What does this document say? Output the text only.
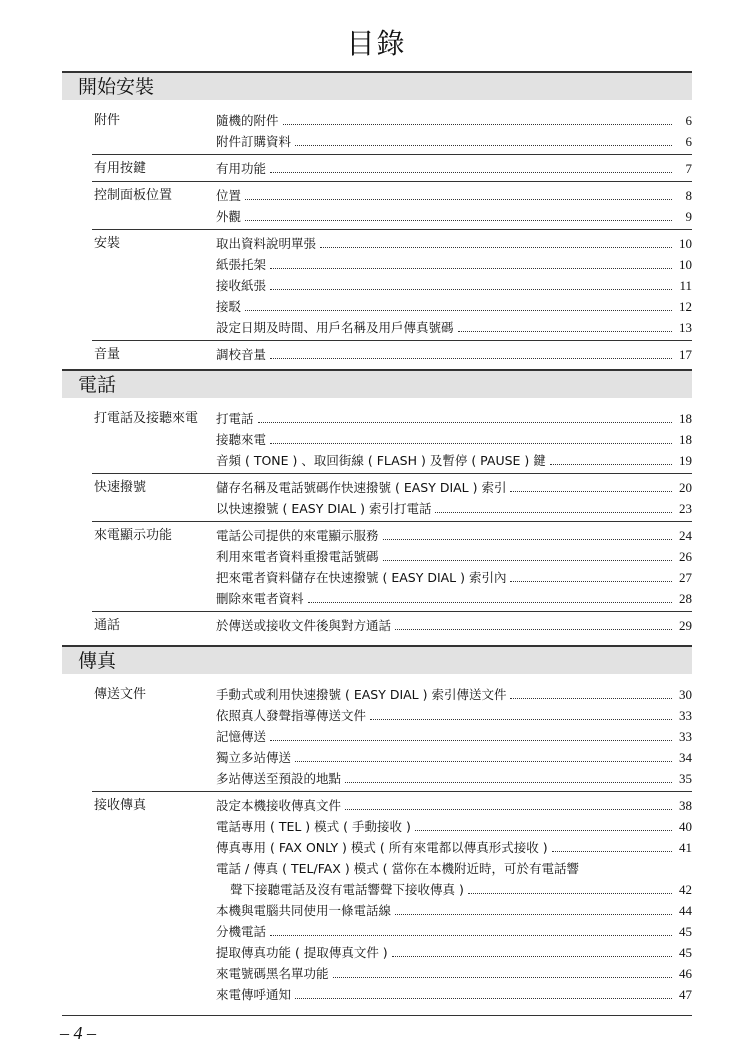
目錄
開始安裝
附件	隨機的附件	6
附件訂購資料	6
有用按鍵	有用功能	7
控制面板位置	位置	8
外觀	9
安裝	取出資料說明單張	10
紙張托架	10
接收紙張	11
接駁	12
設定日期及時間、用戶名稱及用戶傳真號碼	13
音量	調校音量	17
電話
打電話及接聽來電 打電話	18
接聽來電	18
音頻 ( TONE ) 、取回街線 ( FLASH ) 及暫停 ( PAUSE ) 鍵	19
快速撥號	儲存名稱及電話號碼作快速撥號 ( EASY DIAL ) 索引	20
以快速撥號 ( EASY DIAL ) 索引打電話	23
來電顯示功能	電話公司提供的來電顯示服務	24
利用來電者資料重撥電話號碼	26
把來電者資料儲存在快速撥號 ( EASY DIAL ) 索引內	27
刪除來電者資料	28
通話	於傳送或接收文件後與對方通話	29
傳真
傳送文件	手動式或利用快速撥號 ( EASY DIAL ) 索引傳送文件	30
依照真人發聲指導傳送文件	33
記憶傳送	33
獨立多站傳送	34
多站傳送至預設的地點	35
接收傳真	設定本機接收傳真文件	38
電話專用 ( TEL ) 模式 ( 手動接收 )	40
傳真專用 ( FAX ONLY ) 模式 ( 所有來電都以傳真形式接收 )	41
電話 / 傳真 ( TEL/FAX ) 模式 ( 當你在本機附近時，可於有電話響
聲下接聽電話及沒有電話響聲下接收傳真 )	42
本機與電腦共同使用一條電話線	44
分機電話	45
提取傳真功能 ( 提取傳真文件 )	45
來電號碼黑名單功能	46
來電傳呼通知	47
– 4 –
